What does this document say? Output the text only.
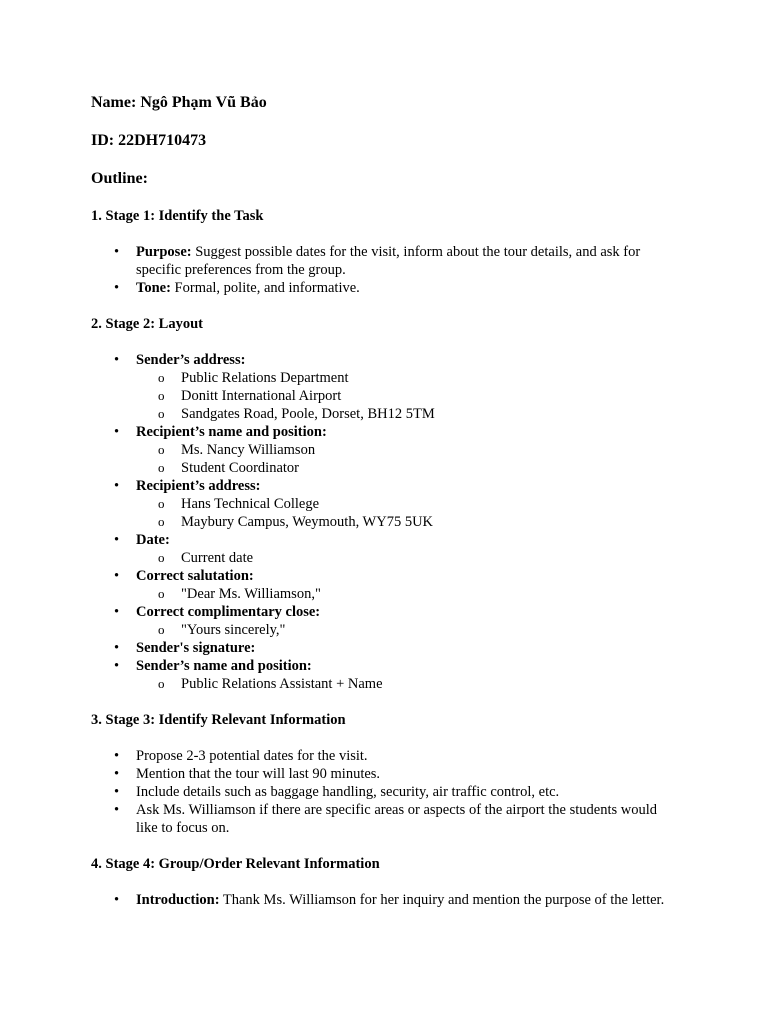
Name: Ngô Phạm Vũ Bảo

ID: 22DH710473

Outline:

1. Stage 1: Identify the Task

• Purpose: Suggest possible dates for the visit, inform about the tour details, and ask for specific preferences from the group.
• Tone: Formal, polite, and informative.

2. Stage 2: Layout

• Sender’s address:
o Public Relations Department
o Donitt International Airport
o Sandgates Road, Poole, Dorset, BH12 5TM
• Recipient’s name and position:
o Ms. Nancy Williamson
o Student Coordinator
• Recipient’s address:
o Hans Technical College
o Maybury Campus, Weymouth, WY75 5UK
• Date:
o Current date
• Correct salutation:
o "Dear Ms. Williamson,"
• Correct complimentary close:
o "Yours sincerely,"
• Sender's signature:
• Sender’s name and position:
o Public Relations Assistant + Name

3. Stage 3: Identify Relevant Information

• Propose 2-3 potential dates for the visit.
• Mention that the tour will last 90 minutes.
• Include details such as baggage handling, security, air traffic control, etc.
• Ask Ms. Williamson if there are specific areas or aspects of the airport the students would like to focus on.

4. Stage 4: Group/Order Relevant Information

• Introduction: Thank Ms. Williamson for her inquiry and mention the purpose of the letter.
